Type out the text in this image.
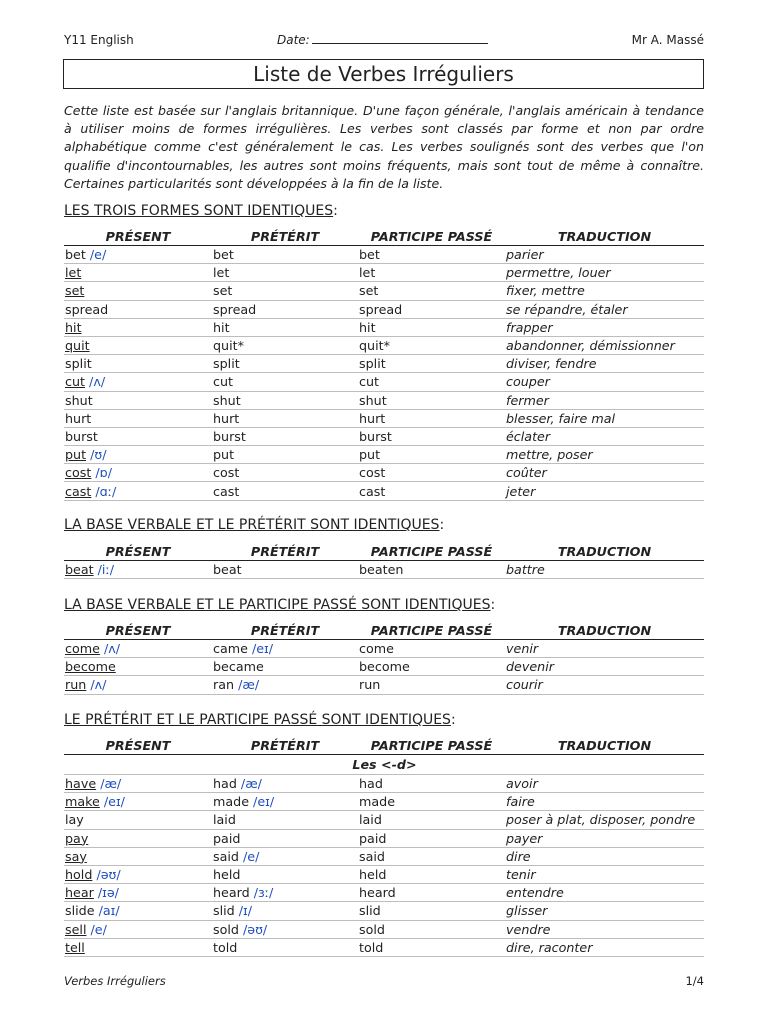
Y11 English	Date:	Mr A. Massé
Liste de Verbes Irréguliers
Cette liste est basée sur l'anglais britannique. D'une façon générale, l'anglais américain à tendance à utiliser moins de formes irrégulières. Les verbes sont classés par forme et non par ordre alphabétique comme c'est généralement le cas. Les verbes soulignés sont des verbes que l'on qualifie d'incontournables, les autres sont moins fréquents, mais sont tout de même à connaître. Certaines particularités sont développées à la fin de la liste.
LES TROIS FORMES SONT IDENTIQUES:
PRÉSENT	PRÉTÉRIT	PARTICIPE PASSÉ	TRADUCTION
bet /e/	bet	bet	parier
let	let	let	permettre, louer
set	set	set	fixer, mettre
spread	spread	spread	se répandre, étaler
hit	hit	hit	frapper
quit	quit*	quit*	abandonner, démissionner
split	split	split	diviser, fendre
cut /ʌ/	cut	cut	couper
shut	shut	shut	fermer
hurt	hurt	hurt	blesser, faire mal
burst	burst	burst	éclater
put /ʊ/	put	put	mettre, poser
cost /ɒ/	cost	cost	coûter
cast /ɑː/	cast	cast	jeter
LA BASE VERBALE ET LE PRÉTÉRIT SONT IDENTIQUES:
PRÉSENT	PRÉTÉRIT	PARTICIPE PASSÉ	TRADUCTION
beat /iː/	beat	beaten	battre
LA BASE VERBALE ET LE PARTICIPE PASSÉ SONT IDENTIQUES:
PRÉSENT	PRÉTÉRIT	PARTICIPE PASSÉ	TRADUCTION
come /ʌ/	came /eɪ/	come	venir
become	became	become	devenir
run /ʌ/	ran /æ/	run	courir
LE PRÉTÉRIT ET LE PARTICIPE PASSÉ SONT IDENTIQUES:
PRÉSENT	PRÉTÉRIT	PARTICIPE PASSÉ	TRADUCTION
Les <-d>			
have /æ/	had /æ/	had	avoir
make /eɪ/	made /eɪ/	made	faire
lay	laid	laid	poser à plat, disposer, pondre
pay	paid	paid	payer
say	said /e/	said	dire
hold /əʊ/	held	held	tenir
hear /ɪə/	heard /ɜː/	heard	entendre
slide /aɪ/	slid /ɪ/	slid	glisser
sell /e/	sold /əʊ/	sold	vendre
tell	told	told	dire, raconter
Verbes Irréguliers	1/4
